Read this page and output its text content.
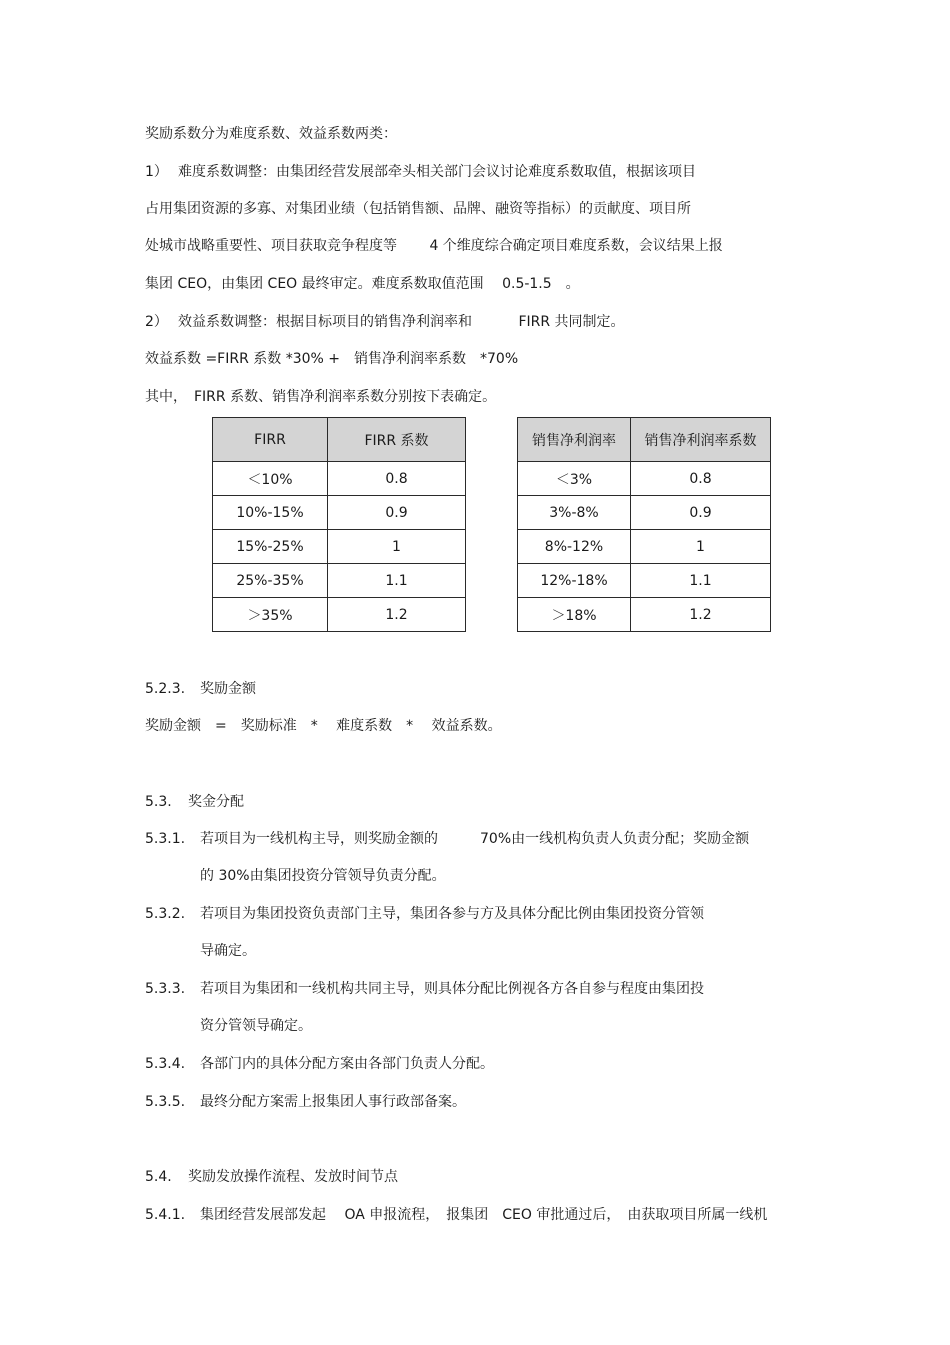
奖励系数分为难度系数、效益系数两类：
1） 难度系数调整：由集团经营发展部牵头相关部门会议讨论难度系数取值，根据该项目
占用集团资源的多寡、对集团业绩（包括销售额、品牌、融资等指标）的贡献度、项目所
处城市战略重要性、项目获取竞争程度等　　 4 个维度综合确定项目难度系数，会议结果上报
集团 CEO，由集团 CEO 最终审定。难度系数取值范围　 0.5-1.5　。
2） 效益系数调整：根据目标项目的销售净利润率和　　　 FIRR 共同制定。
效益系数 =FIRR 系数 *30% +　销售净利润率系数　*70%
其中，　FIRR 系数、销售净利润率系数分别按下表确定。
FIRR	FIRR 系数
＜10%	0.8
10%-15%	0.9
15%-25%	1
25%-35%	1.1
＞35%	1.2
销售净利润率	销售净利润率系数
＜3%	0.8
3%-8%	0.9
8%-12%	1
12%-18%	1.1
＞18%	1.2
5.2.3. 奖励金额
奖励金额　=　奖励标准　*　 难度系数　*　 效益系数。
5.3. 奖金分配
5.3.1. 若项目为一线机构主导，则奖励金额的　　　70%由一线机构负责人负责分配；奖励金额
的 30%由集团投资分管领导负责分配。
5.3.2. 若项目为集团投资负责部门主导，集团各参与方及具体分配比例由集团投资分管领
导确定。
5.3.3. 若项目为集团和一线机构共同主导，则具体分配比例视各方各自参与程度由集团投
资分管领导确定。
5.3.4. 各部门内的具体分配方案由各部门负责人分配。
5.3.5. 最终分配方案需上报集团人事行政部备案。
5.4. 奖励发放操作流程、发放时间节点
5.4.1. 集团经营发展部发起　 OA 申报流程，　报集团　CEO 审批通过后，　由获取项目所属一线机
